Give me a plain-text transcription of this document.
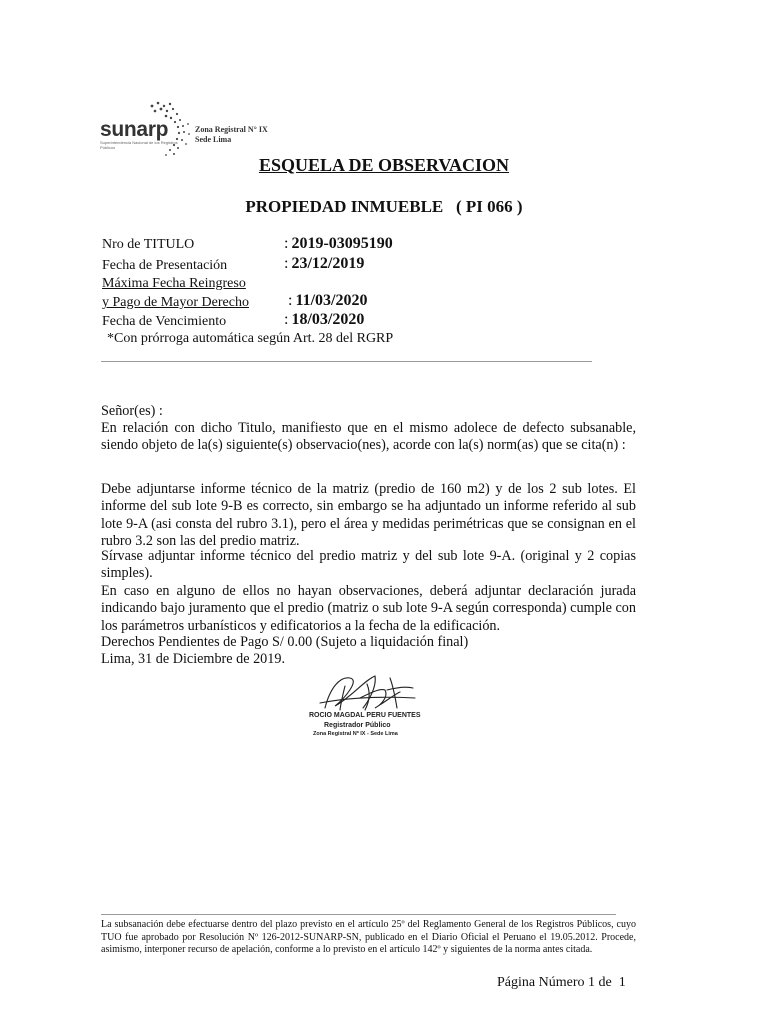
sunarp
Superintendencia Nacional de los Registros Públicos
Zona Registral N° IX
Sede Lima
ESQUELA DE OBSERVACION
PROPIEDAD INMUEBLE   ( PI 066 )
Nro de TITULO	: 2019-03095190
Fecha de Presentación	: 23/12/2019
Máxima Fecha Reingreso
y Pago de Mayor Derecho : 11/03/2020
Fecha de Vencimiento	: 18/03/2020
*Con prórroga automática según Art. 28 del RGRP
Señor(es) :
En relación con dicho Titulo, manifiesto que en el mismo adolece de defecto subsanable, siendo objeto de la(s) siguiente(s) observacio(nes), acorde con la(s) norm(as) que se cita(n) :
Debe adjuntarse informe técnico de la matriz (predio de 160 m2) y de los 2 sub lotes. El informe del sub lote 9-B es correcto, sin embargo se ha adjuntado un informe referido al sub lote 9-A (asi consta del rubro 3.1), pero el área y medidas perimétricas que se consignan en el rubro 3.2 son las del predio matriz.
Sírvase adjuntar informe técnico del predio matriz y del sub lote 9-A. (original y 2 copias simples).
En caso en alguno de ellos no hayan observaciones, deberá adjuntar declaración jurada indicando bajo juramento que el predio (matriz o sub lote 9-A según corresponda) cumple con los parámetros urbanísticos y edificatorios a la fecha de la edificación.
Derechos Pendientes de Pago S/ 0.00 (Sujeto a liquidación final)
Lima, 31 de Diciembre de 2019.
ROCIO MAGDAL PERU FUENTES
Registrador Público
Zona Registral Nº IX - Sede Lima
La subsanación debe efectuarse dentro del plazo previsto en el artículo 25º del Reglamento General de los Registros Públicos, cuyo TUO fue aprobado por Resolución Nº 126-2012-SUNARP-SN, publicado en el Diario Oficial el Peruano el 19.05.2012. Procede, asimismo, interponer recurso de apelación, conforme a lo previsto en el artículo 142º y siguientes de la norma antes citada.
Página Número 1 de  1
